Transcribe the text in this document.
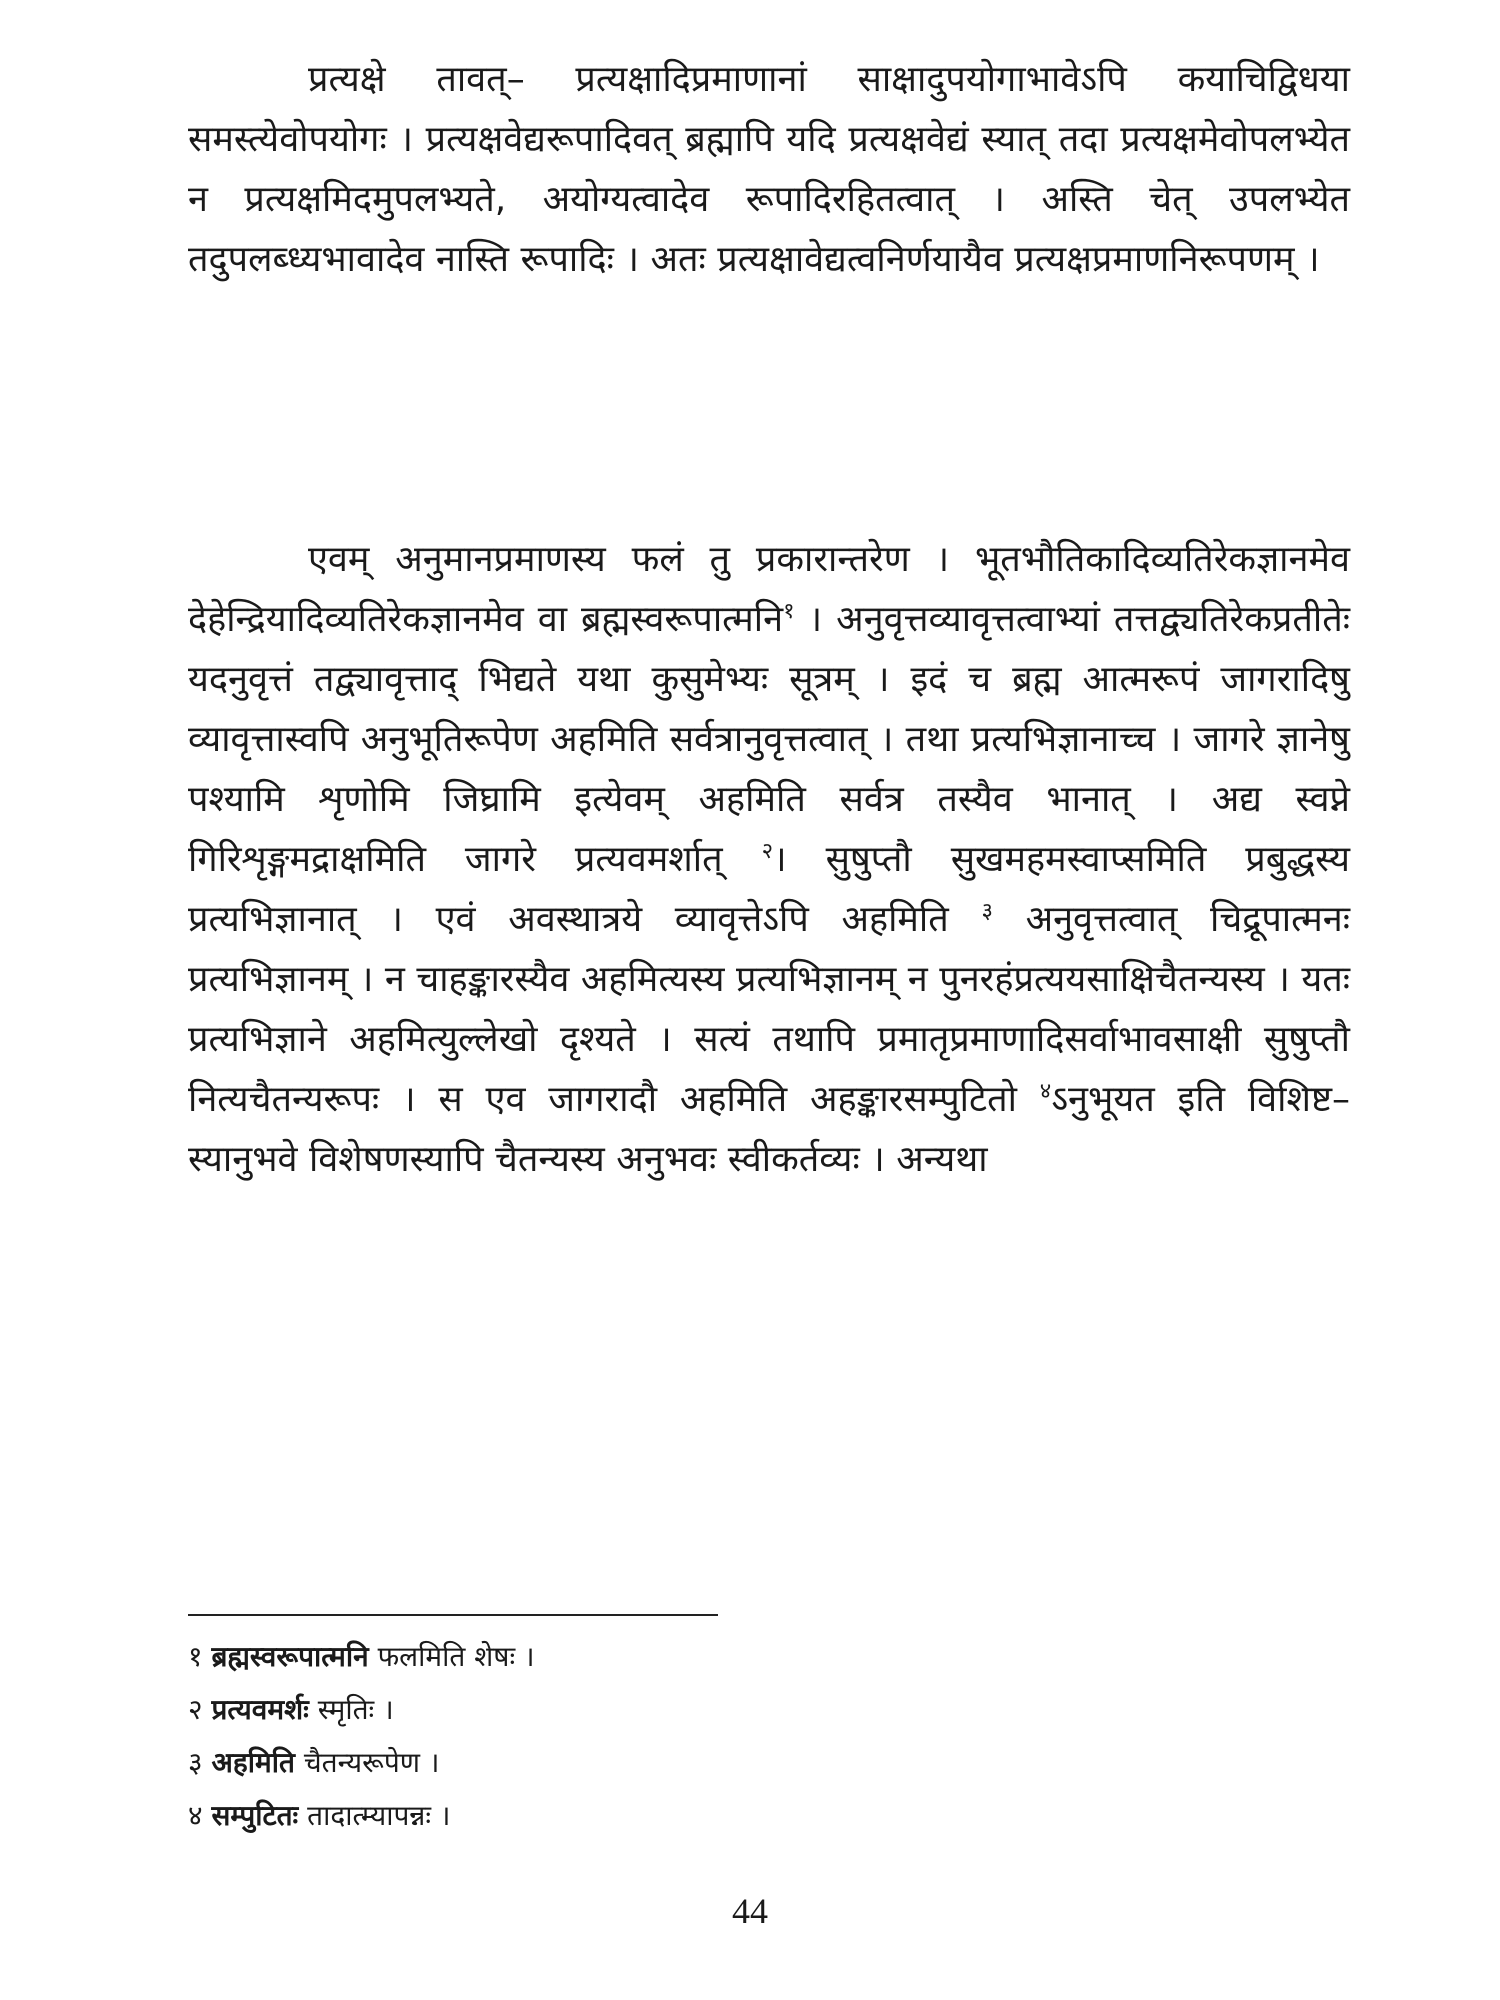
प्रत्यक्षे तावत्– प्रत्यक्षादिप्रमाणानां साक्षादुपयोगाभावेऽपि कयाचिद्विधया समस्त्येवोपयोगः । प्रत्यक्षवेद्यरूपादिवत् ब्रह्मापि यदि प्रत्यक्षवेद्यं स्यात् तदा प्रत्यक्षमेवोपलभ्येत न प्रत्यक्षमिदमुपलभ्यते, अयोग्यत्वादेव रूपादिरहितत्वात् । अस्ति चेत् उपलभ्येत तदुपलब्ध्यभावादेव नास्ति रूपादिः । अतः प्रत्यक्षावेद्यत्वनिर्णयायैव प्रत्यक्षप्रमाणनिरूपणम् ।

एवम् अनुमानप्रमाणस्य फलं तु प्रकारान्तरेण । भूतभौतिकादिव्यतिरेकज्ञानमेव देहेन्द्रियादिव्यतिरेकज्ञानमेव वा ब्रह्मस्वरूपात्मनि$^१$ । अनुवृत्तव्यावृत्तत्वाभ्यां तत्तद्व्यतिरेकप्रतीतेः यदनुवृत्तं तद्व्यावृत्ताद् भिद्यते यथा कुसुमेभ्यः सूत्रम् । इदं च ब्रह्म आत्मरूपं जागरादिषु व्यावृत्तास्वपि अनुभूतिरूपेण अहमिति सर्वत्रानुवृत्तत्वात् । तथा प्रत्यभिज्ञानाच्च । जागरे ज्ञानेषु पश्यामि शृणोमि जिघ्रामि इत्येवम् अहमिति सर्वत्र तस्यैव भानात् । अद्य स्वप्ने गिरिशृङ्गमद्राक्षमिति जागरे प्रत्यवमर्शात् $^२$। सुषुप्तौ सुखमहमस्वाप्समिति प्रबुद्धस्य प्रत्यभिज्ञानात् । एवं अवस्थात्रये व्यावृत्तेऽपि अहमिति $^३$ अनुवृत्तत्वात् चिद्रूपात्मनः प्रत्यभिज्ञानम् । न चाहङ्कारस्यैव अहमित्यस्य प्रत्यभिज्ञानम् न पुनरहंप्रत्ययसाक्षिचैतन्यस्य । यतः प्रत्यभिज्ञाने अहमित्युल्लेखो दृश्यते । सत्यं तथापि प्रमातृप्रमाणादिसर्वाभावसाक्षी सुषुप्तौ नित्यचैतन्यरूपः । स एव जागरादौ अहमिति अहङ्कारसम्पुटितो $^४$ऽनुभूयत इति विशिष्ट– स्यानुभवे विशेषणस्यापि चैतन्यस्य अनुभवः स्वीकर्तव्यः । अन्यथा

१ ब्रह्मस्वरूपात्मनि फलमिति शेषः ।
२ प्रत्यवमर्शः स्मृतिः ।
३ अहमिति चैतन्यरूपेण ।
४ सम्पुटितः तादात्म्यापन्नः ।
44
